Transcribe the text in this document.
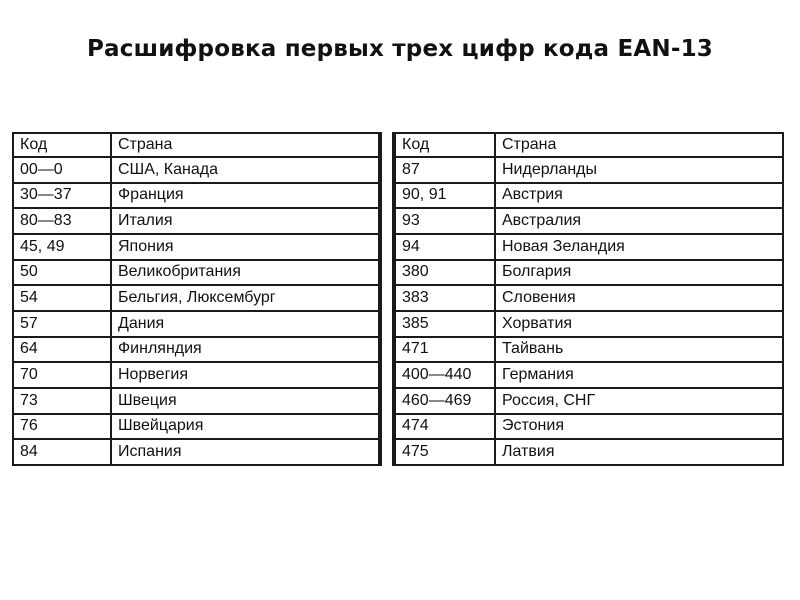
Расшифровка первых трех цифр кода EAN-13
Код	Страна
00—0	США, Канада
30—37	Франция
80—83	Италия
45, 49	Япония
50	Великобритания
54	Бельгия, Люксембург
57	Дания
64	Финляндия
70	Норвегия
73	Швеция
76	Швейцария
84	Испания
Код	Страна
87	Нидерланды
90, 91	Австрия
93	Австралия
94	Новая Зеландия
380	Болгария
383	Словения
385	Хорватия
471	Тайвань
400—440	Германия
460—469	Россия, СНГ
474	Эстония
475	Латвия
